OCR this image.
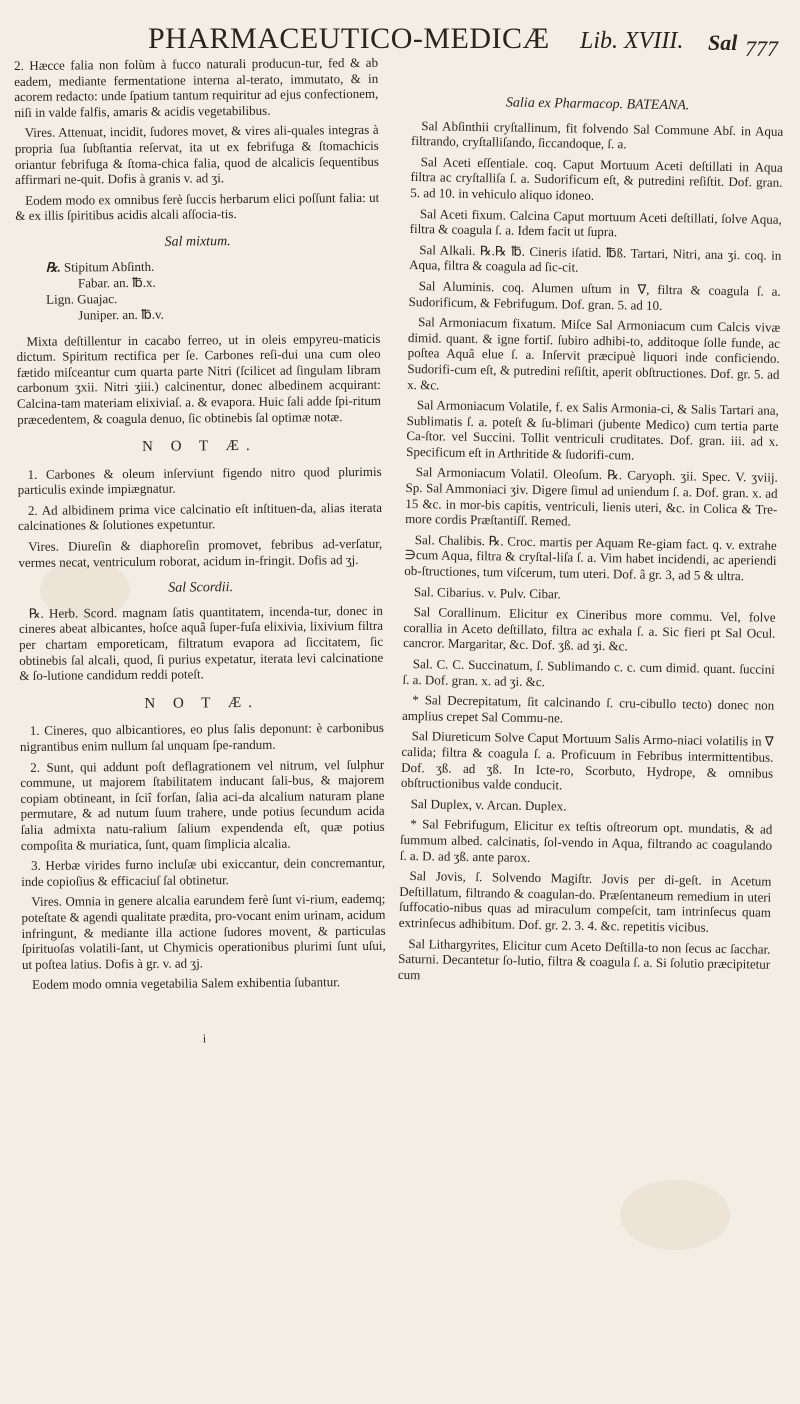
PHARMACEUTICO-MEDICÆ Lib. XVIII. Sal 777

2. Hæcce falia non folùm à fucco naturali producun-tur, fed & ab eadem, mediante fermentatione interna al-terato, immutato, & in acorem redacto: unde ſpatium tantum requiritur ad ejus confectionem, niſi in valde falfis, amaris & acidis vegetabilibus.

Vires. Attenuat, incidit, ſudores movet, & vires ali-quales integras à propria ſua ſubſtantia reſervat, ita ut ex febrifuga & ſtomachicis oriantur febrifuga & ſtoma-chica falia, quod de alcalicis ſequentibus affirmari ne-quit. Dofis à granis v. ad ʒi.

Eodem modo ex omnibus ferè ſuccis herbarum elici poſſunt falia: ut & ex illis ſpiritibus acidis alcali aſſocia-tis.

Sal mixtum.
℞. Stipitum Abſinth.
Fabar. an. ℔.x.
Lign. Guajac.
Juniper. an. ℔.v.

Mixta deſtillentur in cacabo ferreo, ut in oleis empyreu-maticis dictum. Spiritum rectifica per ſe. Carbones reſi-dui una cum oleo fætido miſceantur cum quarta parte Nitri (ſcilicet ad ſingulam libram carbonum ʒxii. Nitri ʒiii.) calcinentur, donec albedinem acquirant: Calcina-tam materiam elixiviaſ. a. & evapora. Huic ſali adde ſpi-ritum præcedentem, & coagula denuo, ſic obtinebis ſal optimæ notæ.

N O T Æ.

1. Carbones & oleum inſerviunt figendo nitro quod plurimis particulis exinde impiægnatur.

2. Ad albidinem prima vice calcinatio eſt inſtituen-da, alias iterata calcinationes & ſolutiones expetuntur.

Vires. Diureſin & diaphoreſin promovet, febribus ad-verſatur, vermes necat, ventriculum roborat, acidum in-fringit. Dofis ad ʒj.

Sal Scordii.

℞. Herb. Scord. magnam ſatis quantitatem, incenda-tur, donec in cineres abeat albicantes, hoſce aquâ ſuper-fuſa elixivia, lixivium filtra per chartam emporeticam, filtratum evapora ad ſiccitatem, ſic obtinebis ſal alcali, quod, ſi purius expetatur, iterata levi calcinatione & ſo-lutione candidum reddi poteſt.

N O T Æ.

1. Cineres, quo albicantiores, eo plus ſalis deponunt: è carbonibus nigrantibus enim nullum ſal unquam ſpe-randum.

2. Sunt, qui addunt poſt deflagrationem vel nitrum, vel ſulphur commune, ut majorem ſtabilitatem inducant ſali-bus, & majorem copiam obtineant, in ſciî forſan, ſalia aci-da alcalium naturam plane permutare, & ad nutum ſuum trahere, unde potius ſecundum acida ſalia admixta natu-ralium ſalium expendenda eſt, quæ potius compoſita & muriatica, ſunt, quam ſimplicia alcalia.

3. Herbæ virides furno incluſæ ubi exiccantur, dein concremantur, inde copioſius & efficaciuſ ſal obtinetur.

Vires. Omnia in genere alcalia earundem ferè ſunt vi-rium, eademq; poteſtate & agendi qualitate prædita, pro-vocant enim urinam, acidum infringunt, & mediante illa actione ſudores movent, & particulas ſpirituoſas volatili-ſant, ut Chymicis operationibus plurimi ſunt uſui, ut poſtea latius. Dofis à gr. v. ad ʒj.

Eodem modo omnia vegetabilia Salem exhibentia ſubantur.

i
Salia ex Pharmacop. BATEANA.

Sal Abſinthii cryſtallinum, fit folvendo Sal Commune Abſ. in Aqua filtrando, cryſtalliſando, ſiccandoque, ſ. a.

Sal Aceti eſſentiale. coq. Caput Mortuum Aceti deſtillati in Aqua filtra ac cryſtalliſa ſ. a. Sudorificum eſt, & putredini reſiſtit. Dof. gran. 5. ad 10. in vehiculo aliquo idoneo.

Sal Aceti fixum. Calcina Caput mortuum Aceti deſtillati, ſolve Aqua, filtra & coagula ſ. a. Idem facit ut ſupra.

Sal Alkali. ℞.℞ ℔. Cineris iſatid. ℔ß. Tartari, Nitri, ana ʒi. coq. in Aqua, filtra & coagula ad ſic-cit.

Sal Aluminis. coq. Alumen uſtum in ∇, filtra & coagula ſ. a. Sudorificum, & Febrifugum. Dof. gran. 5. ad 10.

Sal Armoniacum fixatum. Miſce Sal Armoniacum cum Calcis vivæ dimid. quant. & igne fortiſ. ſubiro adhibi-to, additoque ſolle funde, ac poſtea Aquâ elue ſ. a. Inſervit præcipuè liquori inde conficiendo. Sudorifi-cum eſt, & putredini reſiſtit, aperit obſtructiones. Dof. gr. 5. ad x. &c.

Sal Armoniacum Volatile, f. ex Salis Armonia-ci, & Salis Tartari ana, Sublimatis ſ. a. poteſt & ſu-blimari (jubente Medico) cum tertia parte Ca-ſtor. vel Succini. Tollit ventriculi cruditates. Dof. gran. iii. ad x. Specificum eſt in Arthritide & ſudorifi-cum.

Sal Armoniacum Volatil. Oleoſum. ℞. Caryoph. ʒii. Spec. V. ʒviij. Sp. Sal Ammoniaci ʒiv. Digere ſimul ad uniendum ſ. a. Dof. gran. x. ad 15 &c. in mor-bis capitis, ventriculi, lienis uteri, &c. in Colica & Tre-more cordis Præſtantiſſ. Remed.

Sal. Chalibis. ℞. Croc. martis per Aquam Re-giam fact. q. v. extrahe ∋cum Aqua, filtra & cryſtal-liſa ſ. a. Vim habet incidendi, ac aperiendi ob-ſtructiones, tum viſcerum, tum uteri. Dof. â gr. 3, ad 5 & ultra.

Sal. Cibarius. v. Pulv. Cibar.

Sal Corallinum. Elicitur ex Cineribus more commu. Vel, folve corallia in Aceto deſtillato, filtra ac exhala ſ. a. Sic fieri pt Sal Ocul. cancror. Margaritar, &c. Dof. ʒß. ad ʒi. &c.

Sal. C. C. Succinatum, ſ. Sublimando c. c. cum dimid. quant. ſuccini ſ. a. Dof. gran. x. ad ʒi. &c.

* Sal Decrepitatum, ſit calcinando ſ. cru-cibullo tecto) donec non amplius crepet Sal Commu-ne.

Sal Diureticum Solve Caput Mortuum Salis Armo-niaci volatilis in ∇ calida; filtra & coagula ſ. a. Proficuum in Febribus intermittentibus. Dof. ʒß. ad ʒß. In Icte-ro, Scorbuto, Hydrope, & omnibus obſtructionibus valde conducit.

Sal Duplex, v. Arcan. Duplex.

* Sal Febrifugum, Elicitur ex teſtis oſtreorum opt. mundatis, & ad ſummum albed. calcinatis, ſol-vendo in Aqua, filtrando ac coagulando ſ. a. D. ad ʒß. ante parox.

Sal Jovis, ſ. Solvendo Magiſtr. Jovis per di-geſt. in Acetum Deſtillatum, filtrando & coagulan-do. Præſentaneum remedium in uteri ſuffocatio-nibus quas ad miraculum compeſcit, tam intrinſecus quam extrinſecus adhibitum. Dof. gr. 2. 3. 4. &c. repetitis vicibus.

Sal Lithargyrites, Elicitur cum Aceto Deſtilla-to non ſecus ac ſacchar. Saturni. Decantetur ſo-lutio, filtra & coagula ſ. a. Si ſolutio præcipitetur cum
